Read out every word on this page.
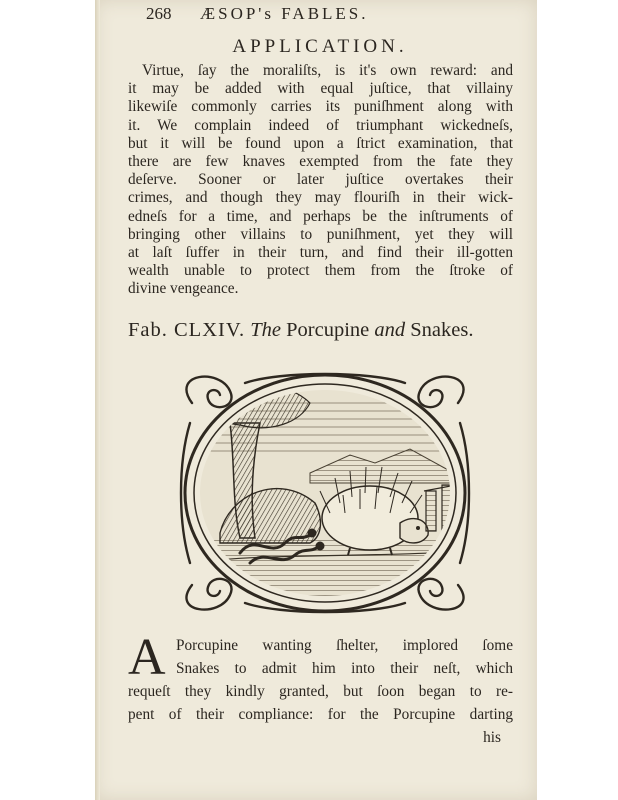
268 ÆSOP's FABLES.
APPLICATION.
Virtue, ſay the moraliſts, is it's own reward: and
it may be added with equal juſtice, that villainy
likewiſe commonly carries its puniſhment along with
it. We complain indeed of triumphant wickedneſs,
but it will be found upon a ſtrict examination, that
there are few knaves exempted from the fate they
deſerve. Sooner or later juſtice overtakes their
crimes, and though they may flouriſh in their wick-
edneſs for a time, and perhaps be the inſtruments of
bringing other villains to puniſhment, yet they will
at laſt ſuffer in their turn, and find their ill-gotten
wealth unable to protect them from the ſtroke of
divine vengeance.
Fab. CLXIV. The Porcupine and Snakes.
A Porcupine wanting ſhelter, implored ſome
Snakes to admit him into their neſt, which
requeſt they kindly granted, but ſoon began to re-
pent of their compliance: for the Porcupine darting
his
